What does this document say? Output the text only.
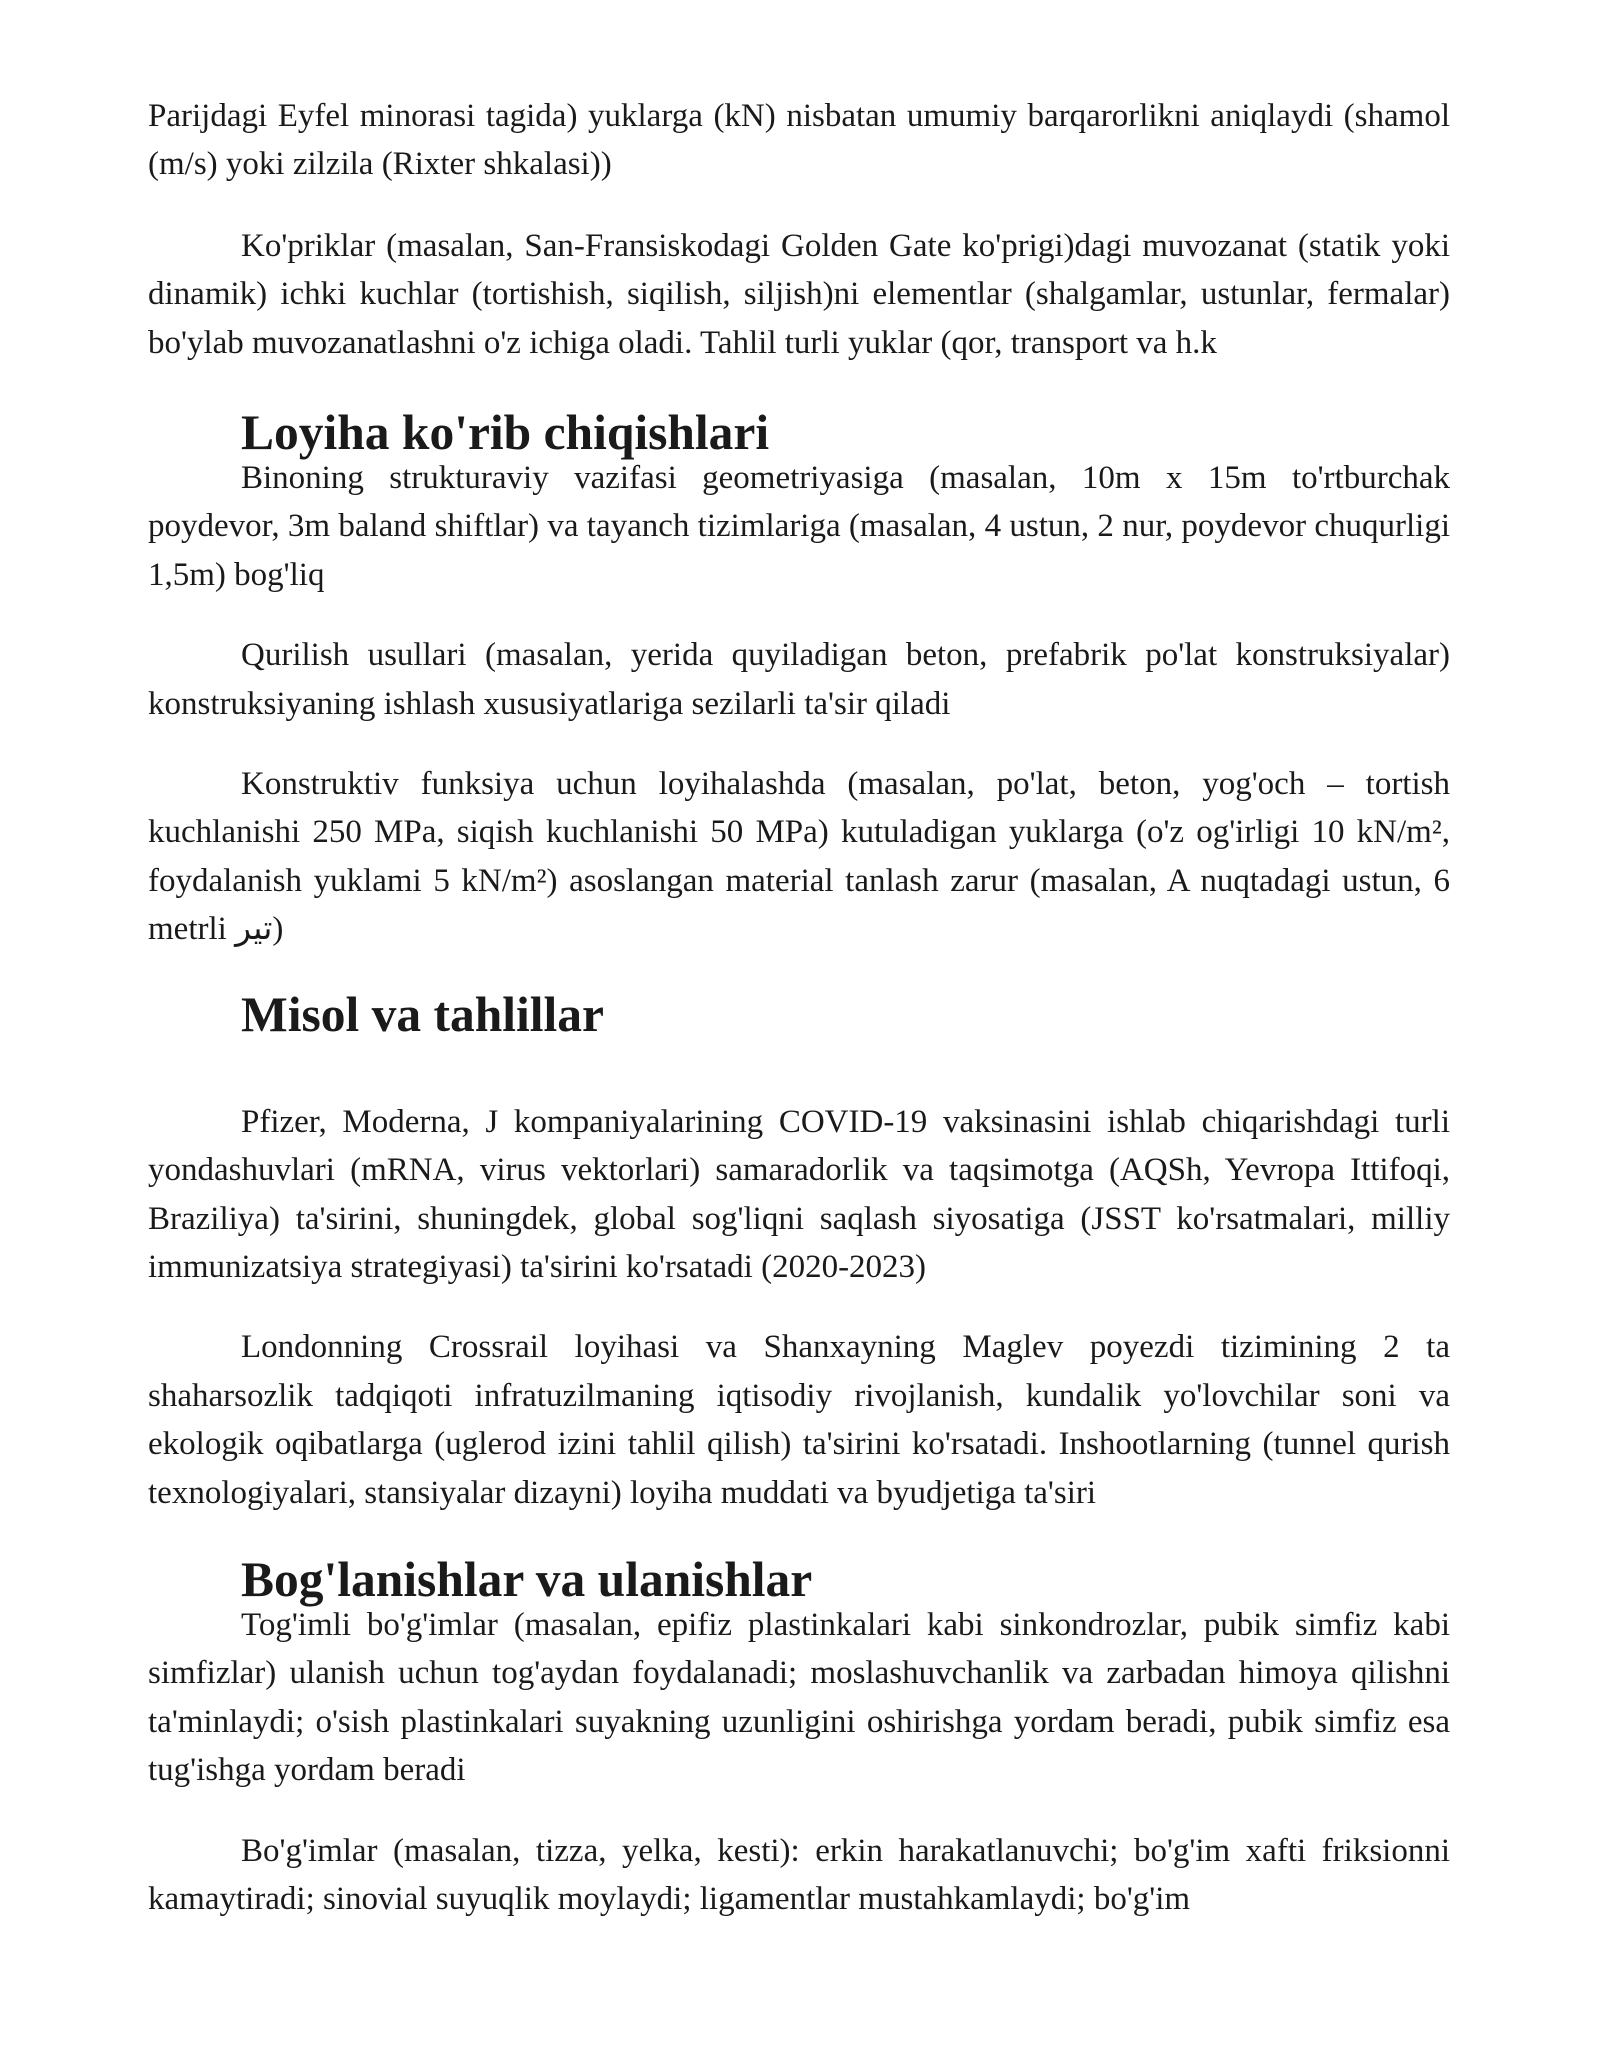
Parijdagi Eyfel minorasi tagida) yuklarga (kN) nisbatan umumiy barqarorlikni aniqlaydi (shamol (m/s) yoki zilzila (Rixter shkalasi))

Ko'priklar (masalan, San-Fransiskodagi Golden Gate ko'prigi)dagi muvozanat (statik yoki dinamik) ichki kuchlar (tortishish, siqilish, siljish)ni elementlar (shalgamlar, ustunlar, fermalar) bo'ylab muvozanatlashni o'z ichiga oladi. Tahlil turli yuklar (qor, transport va h.k

Loyiha ko'rib chiqishlari

Binoning strukturaviy vazifasi geometriyasiga (masalan, 10m x 15m to'rtburchak poydevor, 3m baland shiftlar) va tayanch tizimlariga (masalan, 4 ustun, 2 nur, poydevor chuqurligi 1,5m) bog'liq

Qurilish usullari (masalan, yerida quyiladigan beton, prefabrik po'lat konstruksiyalar) konstruksiyaning ishlash xususiyatlariga sezilarli ta'sir qiladi

Konstruktiv funksiya uchun loyihalashda (masalan, po'lat, beton, yog'och – tortish kuchlanishi 250 MPa, siqish kuchlanishi 50 MPa) kutuladigan yuklarga (o'z og'irligi 10 kN/m², foydalanish yuklami 5 kN/m²) asoslangan material tanlash zarur (masalan, A nuqtadagi ustun, 6 metrli تير)

Misol va tahlillar

Pfizer, Moderna, J kompaniyalarining COVID-19 vaksinasini ishlab chiqarishdagi turli yondashuvlari (mRNA, virus vektorlari) samaradorlik va taqsimotga (AQSh, Yevropa Ittifoqi, Braziliya) ta'sirini, shuningdek, global sog'liqni saqlash siyosatiga (JSST ko'rsatmalari, milliy immunizatsiya strategiyasi) ta'sirini ko'rsatadi (2020-2023)

Londonning Crossrail loyihasi va Shanxayning Maglev poyezdi tizimining 2 ta shaharsozlik tadqiqoti infratuzilmaning iqtisodiy rivojlanish, kundalik yo'lovchilar soni va ekologik oqibatlarga (uglerod izini tahlil qilish) ta'sirini ko'rsatadi. Inshootlarning (tunnel qurish texnologiyalari, stansiyalar dizayni) loyiha muddati va byudjetiga ta'siri

Bog'lanishlar va ulanishlar

Tog'imli bo'g'imlar (masalan, epifiz plastinkalari kabi sinkondrozlar, pubik simfiz kabi simfizlar) ulanish uchun tog'aydan foydalanadi; moslashuvchanlik va zarbadan himoya qilishni ta'minlaydi; o'sish plastinkalari suyakning uzunligini oshirishga yordam beradi, pubik simfiz esa tug'ishga yordam beradi

Bo'g'imlar (masalan, tizza, yelka, kesti): erkin harakatlanuvchi; bo'g'im xafti friksionni kamaytiradi; sinovial suyuqlik moylaydi; ligamentlar mustahkamlaydi; bo'g'im
